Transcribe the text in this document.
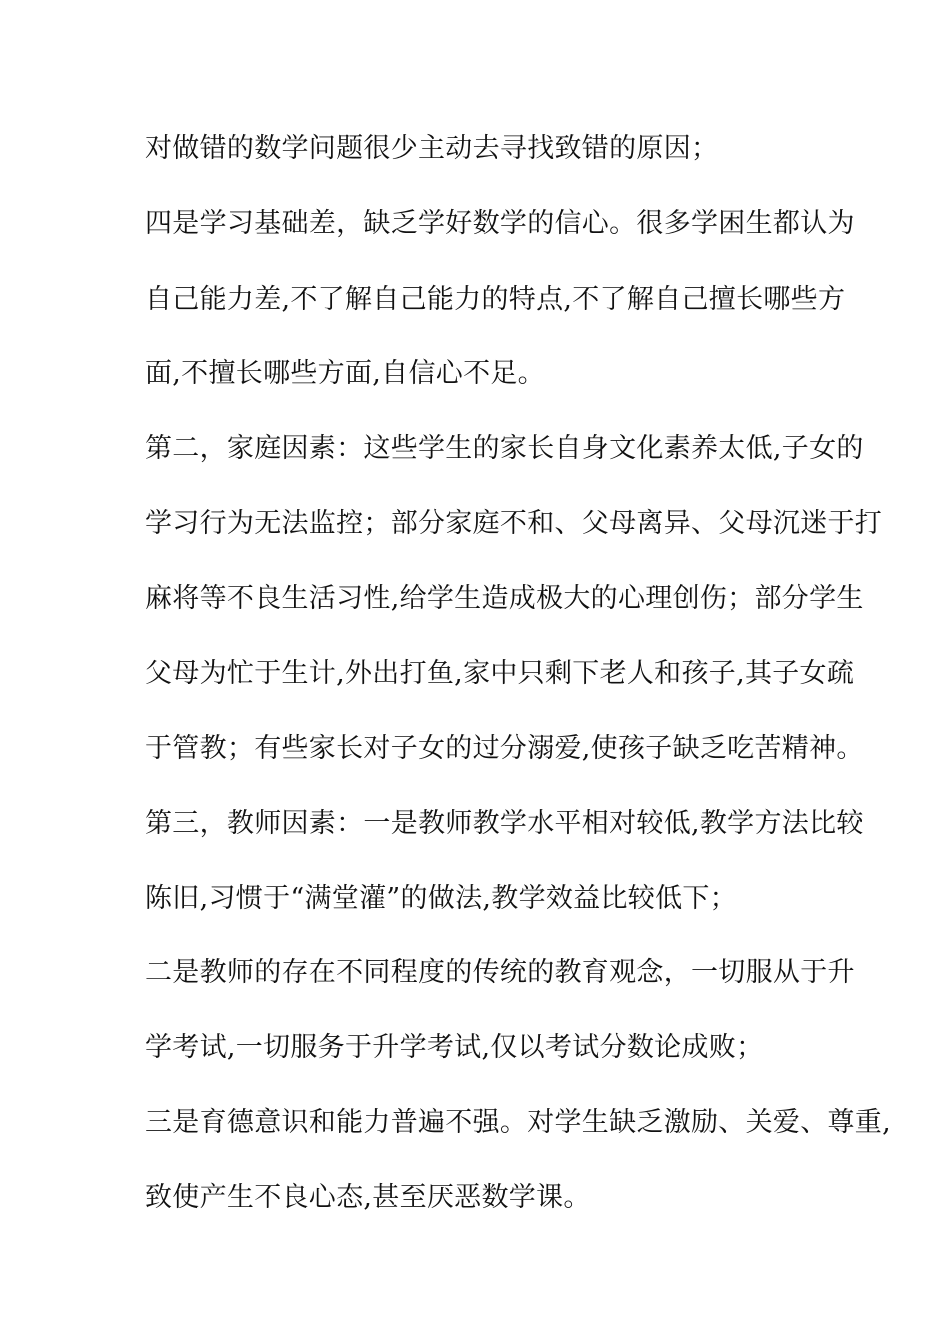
对做错的数学问题很少主动去寻找致错的原因；
四是学习基础差，缺乏学好数学的信心。很多学困生都认为
自己能力差,不了解自己能力的特点,不了解自己擅长哪些方
面,不擅长哪些方面,自信心不足。
第二，家庭因素：这些学生的家长自身文化素养太低,子女的
学习行为无法监控；部分家庭不和、父母离异、父母沉迷于打
麻将等不良生活习性,给学生造成极大的心理创伤；部分学生
父母为忙于生计,外出打鱼,家中只剩下老人和孩子,其子女疏
于管教；有些家长对子女的过分溺爱,使孩子缺乏吃苦精神。
第三，教师因素：一是教师教学水平相对较低,教学方法比较
陈旧,习惯于“满堂灌”的做法,教学效益比较低下；
二是教师的存在不同程度的传统的教育观念，一切服从于升
学考试,一切服务于升学考试,仅以考试分数论成败；
三是育德意识和能力普遍不强。对学生缺乏激励、关爱、尊重,
致使产生不良心态,甚至厌恶数学课。
